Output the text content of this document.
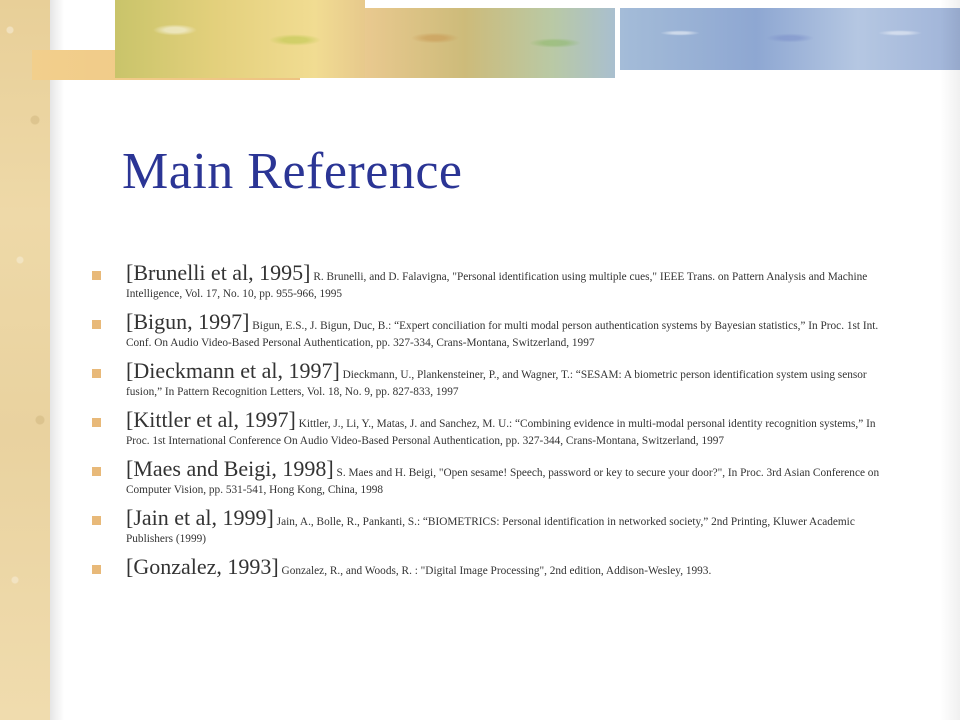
Main Reference
[Brunelli et al, 1995] R. Brunelli, and D. Falavigna, "Personal identification using multiple cues," IEEE Trans. on Pattern Analysis and Machine Intelligence, Vol. 17, No. 10, pp. 955-966, 1995
[Bigun, 1997] Bigun, E.S., J. Bigun, Duc, B.: “Expert conciliation for multi modal person authentication systems by Bayesian statistics,” In Proc. 1st Int. Conf. On Audio Video-Based Personal Authentication, pp. 327-334, Crans-Montana, Switzerland, 1997
[Dieckmann et al, 1997] Dieckmann, U., Plankensteiner, P., and Wagner, T.: “SESAM: A biometric person identification system using sensor fusion,” In Pattern Recognition Letters, Vol. 18, No. 9, pp. 827-833, 1997
[Kittler et al, 1997] Kittler, J., Li, Y., Matas, J. and Sanchez, M. U.: “Combining evidence in multi-modal personal identity recognition systems,” In Proc. 1st International Conference On Audio Video-Based Personal Authentication, pp. 327-344, Crans-Montana, Switzerland, 1997
[Maes and Beigi, 1998] S. Maes and H. Beigi, "Open sesame! Speech, password or key to secure your door?", In Proc. 3rd Asian Conference on Computer Vision, pp. 531-541, Hong Kong, China, 1998
[Jain et al, 1999] Jain, A., Bolle, R., Pankanti, S.: “BIOMETRICS: Personal identification in networked society,” 2nd Printing, Kluwer Academic Publishers (1999)
[Gonzalez, 1993] Gonzalez, R., and Woods, R. : "Digital Image Processing", 2nd edition, Addison-Wesley, 1993.
